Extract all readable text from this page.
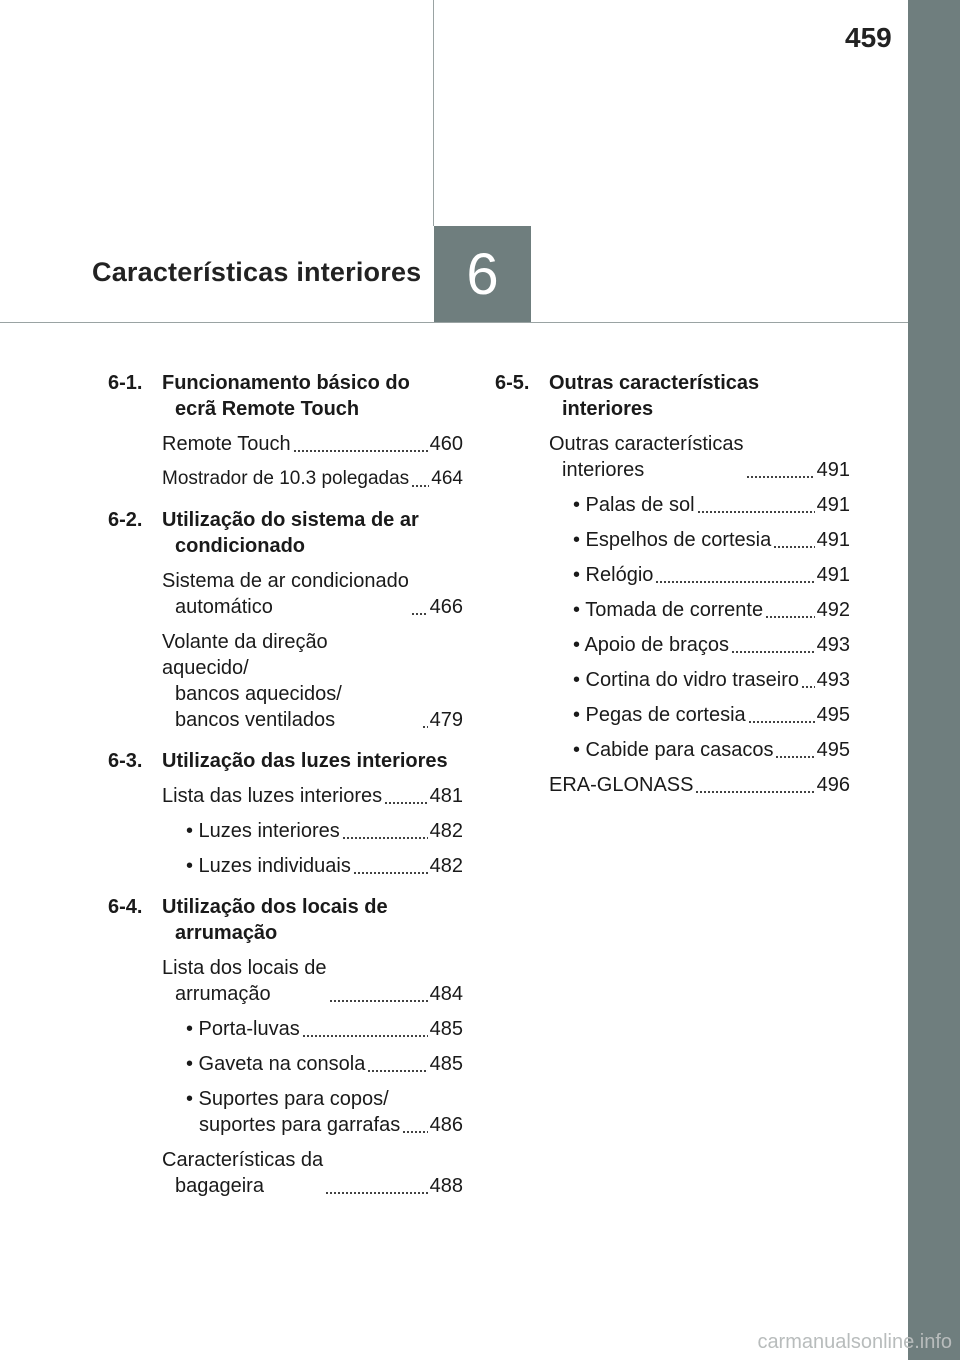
459
Características interiores 6
6-1. Funcionamento básico do
ecrã Remote Touch
Remote Touch	460
Mostrador de 10.3 polegadas 464
6-2. Utilização do sistema de ar
condicionado
Sistema de ar condicionado
automático	466
Volante da direção aquecido/
bancos aquecidos/
bancos ventilados	479
6-3. Utilização das luzes interiores
Lista das luzes interiores 481
• Luzes interiores	482
• Luzes individuais	482
6-4. Utilização dos locais de
arrumação
Lista dos locais de
arrumação	484
• Porta-luvas	485
• Gaveta na consola	485
• Suportes para copos/
suportes para garrafas 486
Características da
bagageira	488
6-5. Outras características
interiores
Outras características
interiores	491
• Palas de sol	491
• Espelhos de cortesia 491
• Relógio	491
• Tomada de corrente	492
• Apoio de braços	493
• Cortina do vidro traseiro 493
• Pegas de cortesia	495
• Cabide para casacos 495
ERA-GLONASS	496
carmanualsonline.info
